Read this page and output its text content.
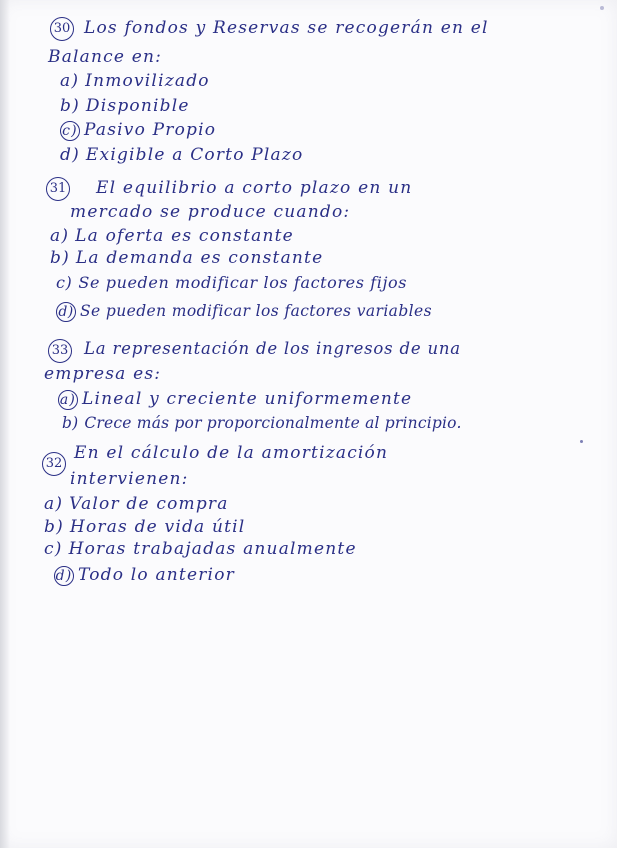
30 Los fondos y Reservas se recogerán en el
Balance en:
a) Inmovilizado
b) Disponible
c) Pasivo Propio
d) Exigible a Corto Plazo
31 El equilibrio a corto plazo en un
mercado se produce cuando:
a) La oferta es constante
b) La demanda es constante
c) Se pueden modificar los factores fijos
d) Se pueden modificar los factores variables
33 La representación de los ingresos de una
empresa es:
a) Lineal y creciente uniformemente
b) Crece más por proporcionalmente al principio.
32
En el cálculo de la amortización
intervienen:
a) Valor de compra
b) Horas de vida útil
c) Horas trabajadas anualmente
d) Todo lo anterior
